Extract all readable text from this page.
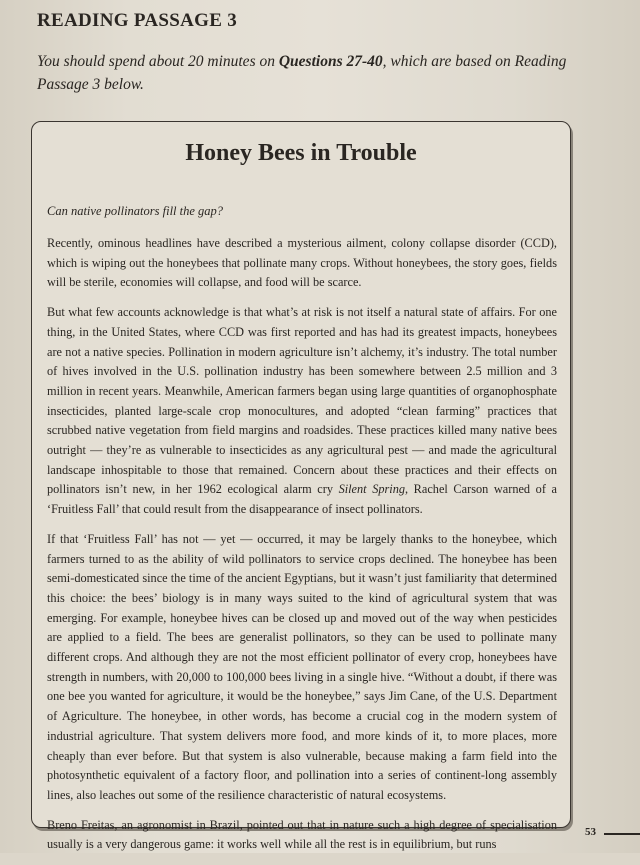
READING PASSAGE 3

You should spend about 20 minutes on Questions 27-40, which are based on Reading Passage 3 below.

Honey Bees in Trouble

Can native pollinators fill the gap?

Recently, ominous headlines have described a mysterious ailment, colony collapse disorder (CCD), which is wiping out the honeybees that pollinate many crops. Without honeybees, the story goes, fields will be sterile, economies will collapse, and food will be scarce.

But what few accounts acknowledge is that what’s at risk is not itself a natural state of affairs. For one thing, in the United States, where CCD was first reported and has had its greatest impacts, honeybees are not a native species. Pollination in modern agriculture isn’t alchemy, it’s industry. The total number of hives involved in the U.S. pollination industry has been somewhere between 2.5 million and 3 million in recent years. Meanwhile, American farmers began using large quantities of organophosphate insecticides, planted large-scale crop monocultures, and adopted “clean farming” practices that scrubbed native vegetation from field margins and roadsides. These practices killed many native bees outright — they’re as vulnerable to insecticides as any agricultural pest — and made the agricultural landscape inhospitable to those that remained. Concern about these practices and their effects on pollinators isn’t new, in her 1962 ecological alarm cry Silent Spring, Rachel Carson warned of a ‘Fruitless Fall’ that could result from the disappearance of insect pollinators.

If that ‘Fruitless Fall’ has not — yet — occurred, it may be largely thanks to the honeybee, which farmers turned to as the ability of wild pollinators to service crops declined. The honeybee has been semi-domesticated since the time of the ancient Egyptians, but it wasn’t just familiarity that determined this choice: the bees’ biology is in many ways suited to the kind of agricultural system that was emerging. For example, honeybee hives can be closed up and moved out of the way when pesticides are applied to a field. The bees are generalist pollinators, so they can be used to pollinate many different crops. And although they are not the most efficient pollinator of every crop, honeybees have strength in numbers, with 20,000 to 100,000 bees living in a single hive. “Without a doubt, if there was one bee you wanted for agriculture, it would be the honeybee,” says Jim Cane, of the U.S. Department of Agriculture. The honeybee, in other words, has become a crucial cog in the modern system of industrial agriculture. That system delivers more food, and more kinds of it, to more places, more cheaply than ever before. But that system is also vulnerable, because making a farm field into the photosynthetic equivalent of a factory floor, and pollination into a series of continent-long assembly lines, also leaches out some of the resilience characteristic of natural ecosystems.

Breno Freitas, an agronomist in Brazil, pointed out that in nature such a high degree of specialisation usually is a very dangerous game: it works well while all the rest is in equilibrium, but runs

53
